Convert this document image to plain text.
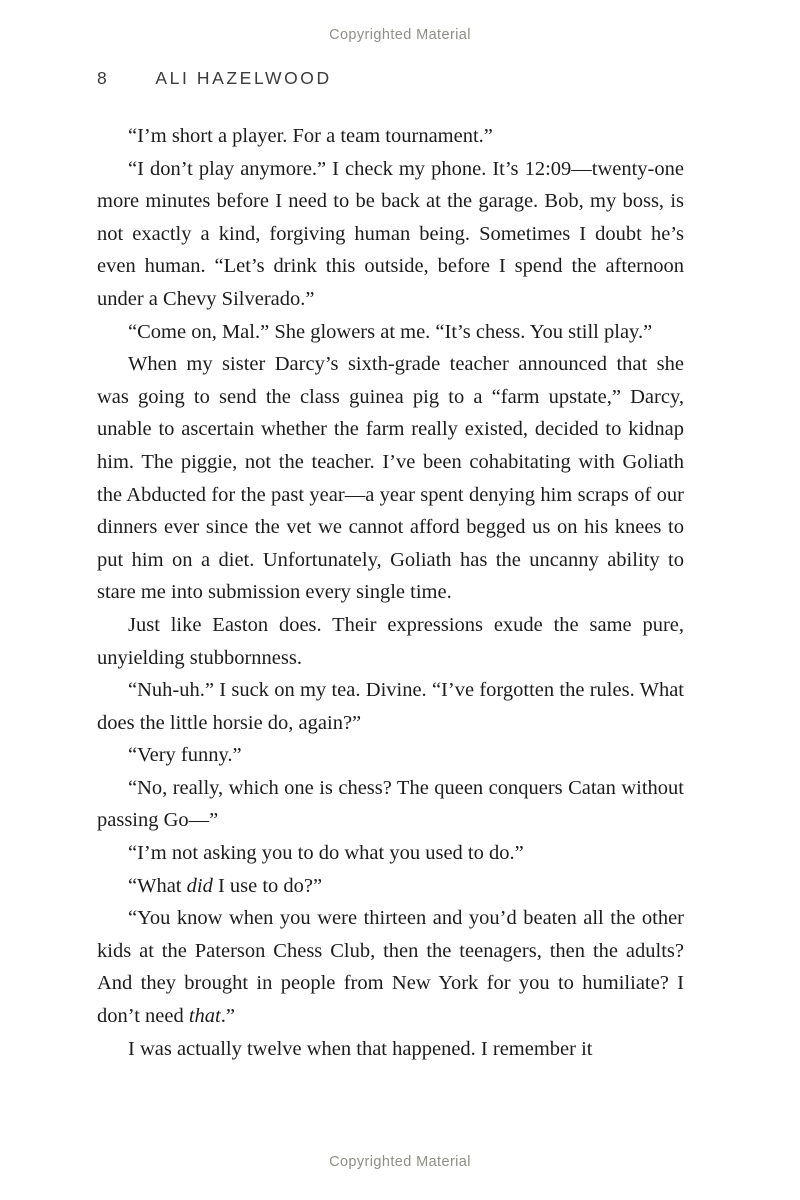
Copyrighted Material
8	ALI HAZELWOOD

“I’m short a player. For a team tournament.”

“I don’t play anymore.” I check my phone. It’s 12:09—twenty-one more minutes before I need to be back at the garage. Bob, my boss, is not exactly a kind, forgiving human being. Sometimes I doubt he’s even human. “Let’s drink this outside, before I spend the afternoon under a Chevy Silverado.”

“Come on, Mal.” She glowers at me. “It’s chess. You still play.”

When my sister Darcy’s sixth-grade teacher announced that she was going to send the class guinea pig to a “farm upstate,” Darcy, unable to ascertain whether the farm really existed, decided to kidnap him. The piggie, not the teacher. I’ve been cohabitating with Goliath the Abducted for the past year—a year spent denying him scraps of our dinners ever since the vet we cannot afford begged us on his knees to put him on a diet. Unfortunately, Goliath has the uncanny ability to stare me into submission every single time.

Just like Easton does. Their expressions exude the same pure, unyielding stubbornness.

“Nuh-uh.” I suck on my tea. Divine. “I’ve forgotten the rules. What does the little horsie do, again?”

“Very funny.”

“No, really, which one is chess? The queen conquers Catan without passing Go—”

“I’m not asking you to do what you used to do.”

“What did I use to do?”

“You know when you were thirteen and you’d beaten all the other kids at the Paterson Chess Club, then the teenagers, then the adults? And they brought in people from New York for you to humiliate? I don’t need that.”

I was actually twelve when that happened. I remember it

Copyrighted Material
